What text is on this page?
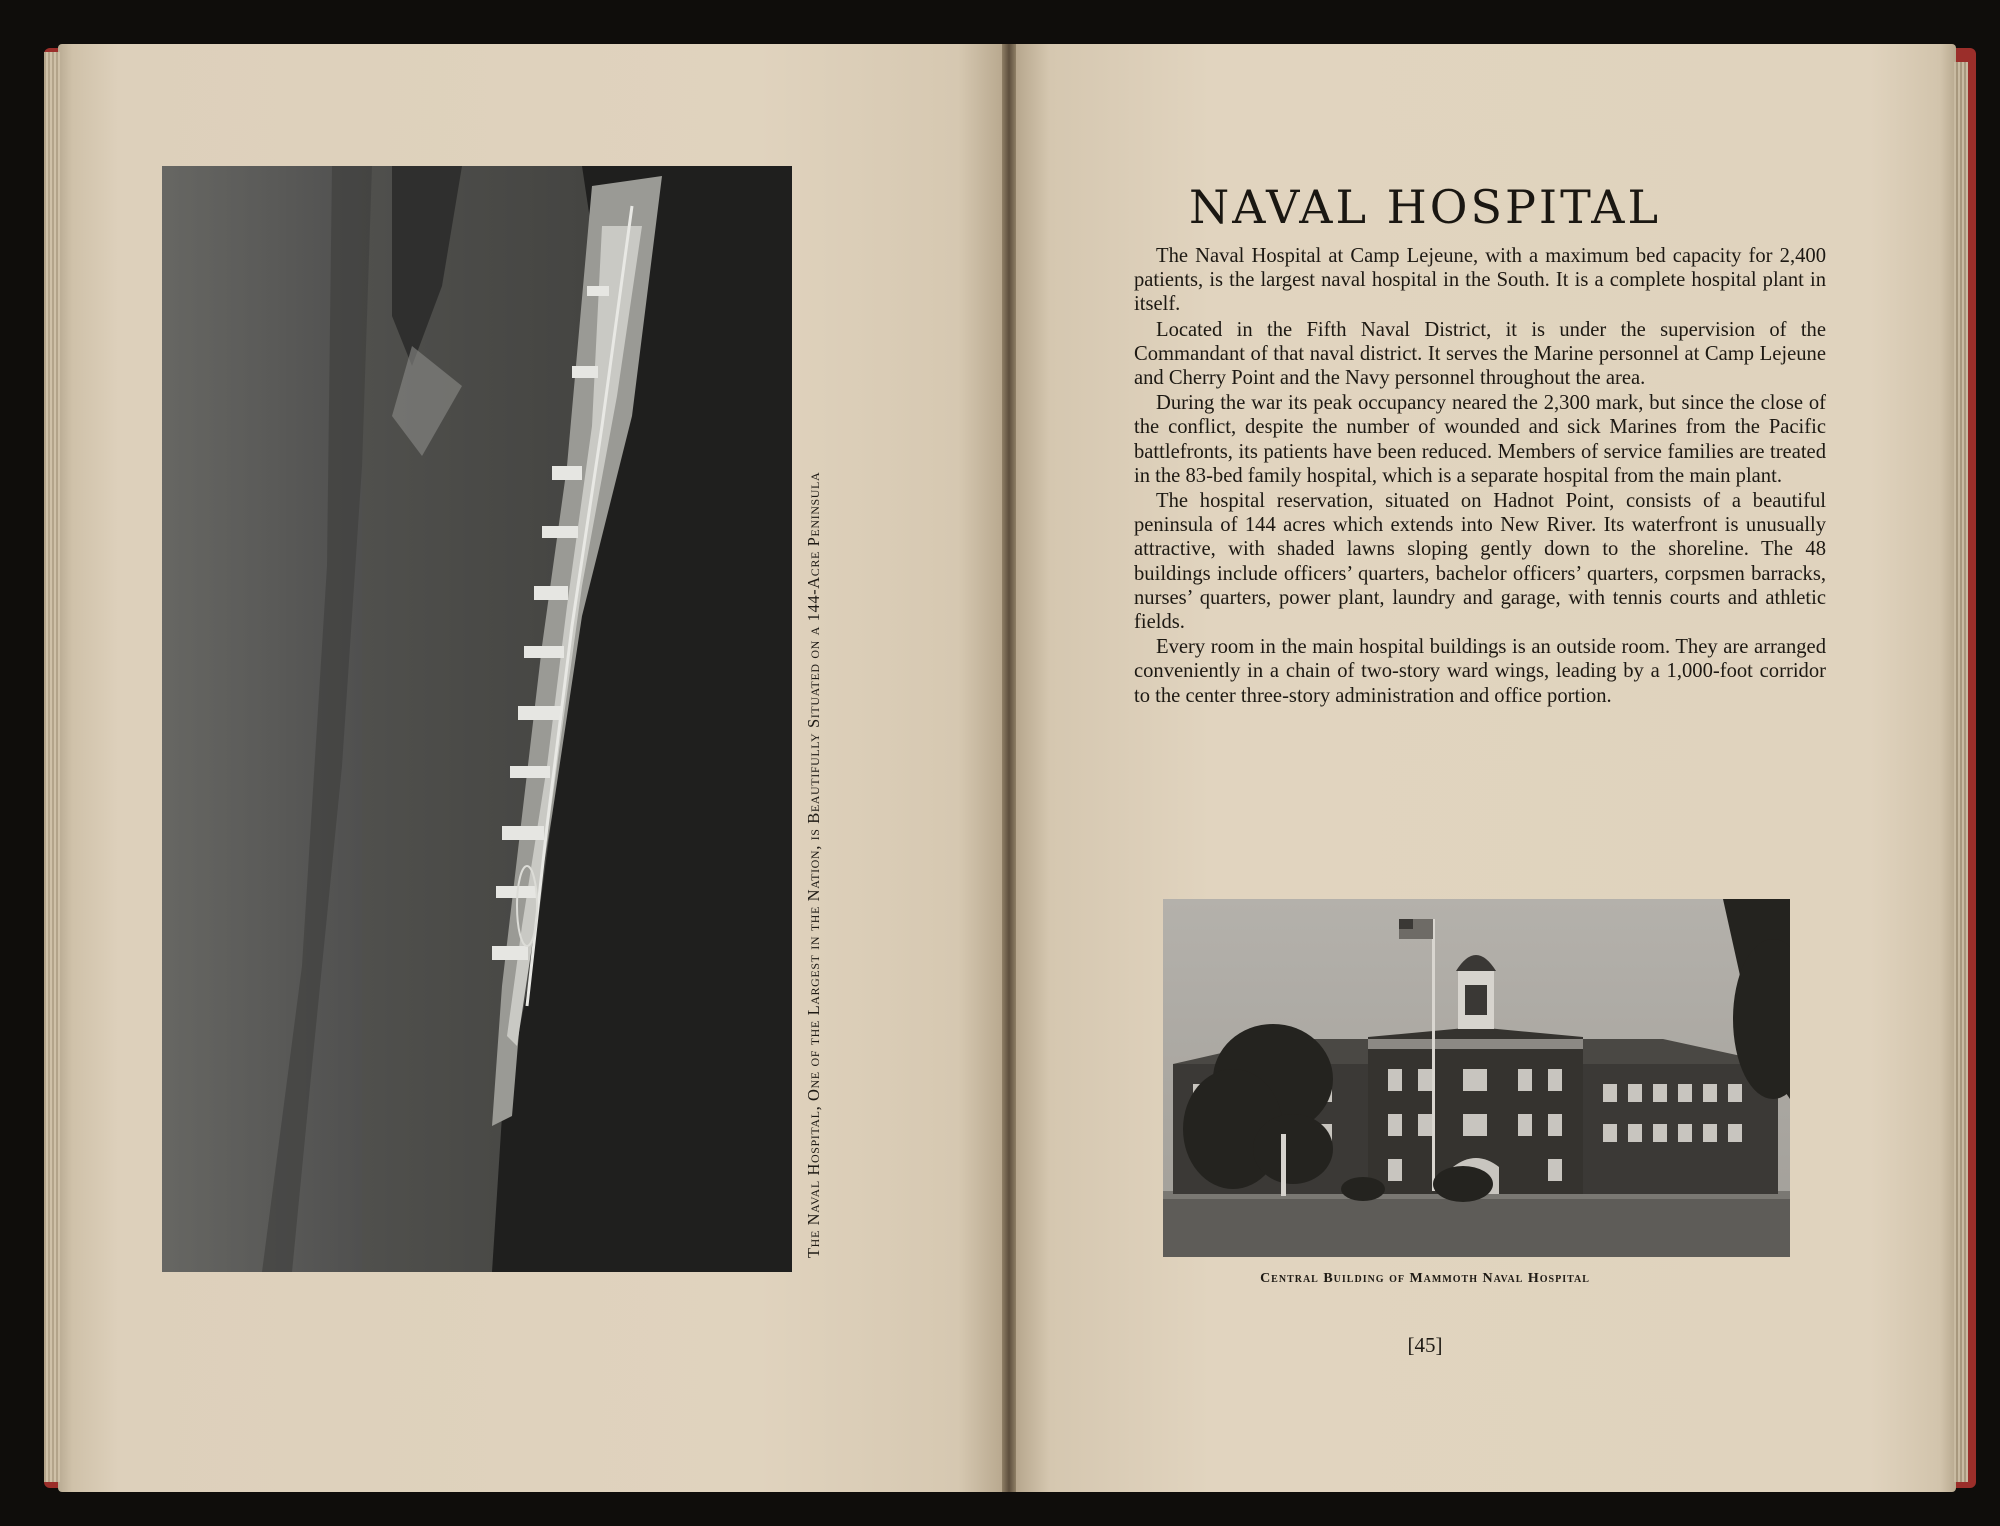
The Naval Hospital, One of the Largest in the Nation, is Beautifully Situated on a 144-Acre Peninsula
NAVAL HOSPITAL

The Naval Hospital at Camp Lejeune, with a maximum bed capacity for 2,400 patients, is the largest naval hospital in the South. It is a complete hospital plant in itself.

Located in the Fifth Naval District, it is under the supervision of the Commandant of that naval district. It serves the Marine personnel at Camp Lejeune and Cherry Point and the Navy personnel throughout the area.

During the war its peak occupancy neared the 2,300 mark, but since the close of the conflict, despite the number of wounded and sick Marines from the Pacific battlefronts, its patients have been reduced. Members of service families are treated in the 83-bed family hospital, which is a separate hospital from the main plant.

The hospital reservation, situated on Hadnot Point, consists of a beautiful peninsula of 144 acres which extends into New River. Its waterfront is unusually attractive, with shaded lawns sloping gently down to the shoreline. The 48 buildings include officers’ quarters, bachelor officers’ quarters, corpsmen barracks, nurses’ quarters, power plant, laundry and garage, with tennis courts and athletic fields.

Every room in the main hospital buildings is an outside room. They are arranged conveniently in a chain of two-story ward wings, leading by a 1,000-foot corridor to the center three-story administration and office portion.

Central Building of Mammoth Naval Hospital
[45]
